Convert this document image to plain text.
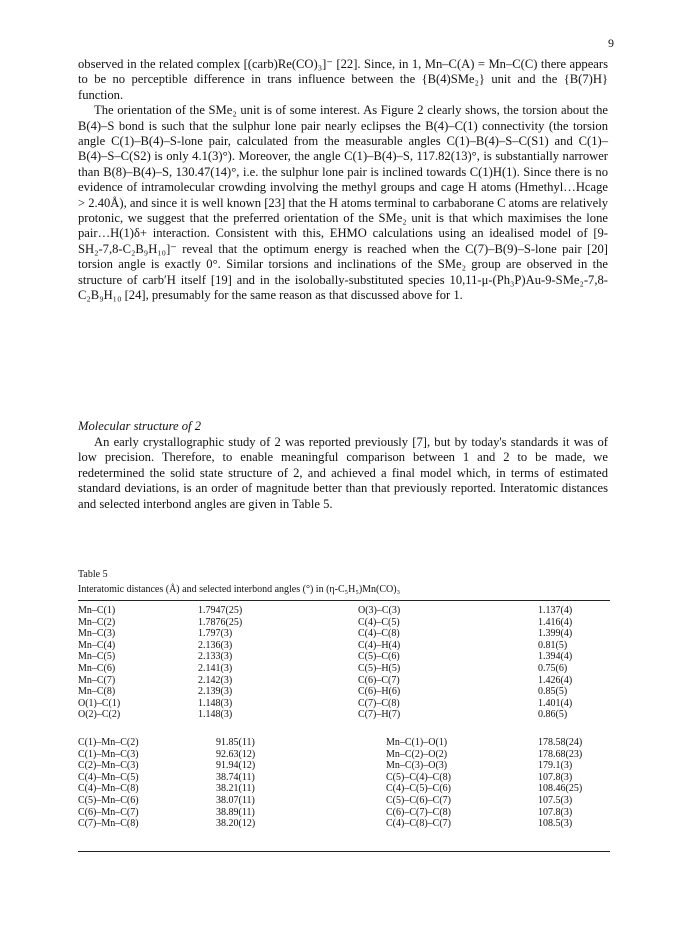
9

observed in the related complex [(carb)Re(CO)₃]⁻ [22]. Since, in 1, Mn–C(A) = Mn–C(C) there appears to be no perceptible difference in trans influence between the {B(4)SMe₂} unit and the {B(7)H} function.

The orientation of the SMe₂ unit is of some interest. As Figure 2 clearly shows, the torsion about the B(4)–S bond is such that the sulphur lone pair nearly eclipses the B(4)–C(1) connectivity (the torsion angle C(1)–B(4)–S-lone pair, calculated from the measurable angles C(1)–B(4)–S–C(S1) and C(1)–B(4)–S–C(S2) is only 4.1(3)°). Moreover, the angle C(1)–B(4)–S, 117.82(13)°, is substantially narrower than B(8)–B(4)–S, 130.47(14)°, i.e. the sulphur lone pair is inclined towards C(1)H(1). Since there is no evidence of intramolecular crowding involving the methyl groups and cage H atoms (Hmethyl…Hcage > 2.40Å), and since it is well known [23] that the H atoms terminal to carbaborane C atoms are relatively protonic, we suggest that the preferred orientation of the SMe₂ unit is that which maximises the lone pair…H(1)δ+ interaction. Consistent with this, EHMO calculations using an idealised model of [9-SH₂-7,8-C₂B₉H₁₀]⁻ reveal that the optimum energy is reached when the C(7)–B(9)–S-lone pair [20] torsion angle is exactly 0°. Similar torsions and inclinations of the SMe₂ group are observed in the structure of carb′H itself [19] and in the isolobally-substituted species 10,11-μ-(Ph₃P)Au-9-SMe₂-7,8-C₂B₉H₁₀ [24], presumably for the same reason as that discussed above for 1.

Molecular structure of 2

An early crystallographic study of 2 was reported previously [7], but by today's standards it was of low precision. Therefore, to enable meaningful comparison between 1 and 2 to be made, we redetermined the solid state structure of 2, and achieved a final model which, in terms of estimated standard deviations, is an order of magnitude better than that previously reported. Interatomic distances and selected interbond angles are given in Table 5.

Table 5
Interatomic distances (Å) and selected interbond angles (°) in (η-C₅H₅)Mn(CO)₃
Mn–C(1)	1.7947(25)	O(3)–C(3)	1.137(4)
Mn–C(2)	1.7876(25)	C(4)–C(5)	1.416(4)
Mn–C(3)	1.797(3)	C(4)–C(8)	1.399(4)
Mn–C(4)	2.136(3)	C(4)–H(4)	0.81(5)
Mn–C(5)	2.133(3)	C(5)–C(6)	1.394(4)
Mn–C(6)	2.141(3)	C(5)–H(5)	0.75(6)
Mn–C(7)	2.142(3)	C(6)–C(7)	1.426(4)
Mn–C(8)	2.139(3)	C(6)–H(6)	0.85(5)
O(1)–C(1)	1.148(3)	C(7)–C(8)	1.401(4)
O(2)–C(2)	1.148(3)	C(7)–H(7)	0.86(5)
C(1)–Mn–C(2)	91.85(11)	Mn–C(1)–O(1)	178.58(24)
C(1)–Mn–C(3)	92.63(12)	Mn–C(2)–O(2)	178.68(23)
C(2)–Mn–C(3)	91.94(12)	Mn–C(3)–O(3)	179.1(3)
C(4)–Mn–C(5)	38.74(11)	C(5)–C(4)–C(8)	107.8(3)
C(4)–Mn–C(8)	38.21(11)	C(4)–C(5)–C(6)	108.46(25)
C(5)–Mn–C(6)	38.07(11)	C(5)–C(6)–C(7)	107.5(3)
C(6)–Mn–C(7)	38.89(11)	C(6)–C(7)–C(8)	107.8(3)
C(7)–Mn–C(8)	38.20(12)	C(4)–C(8)–C(7)	108.5(3)
